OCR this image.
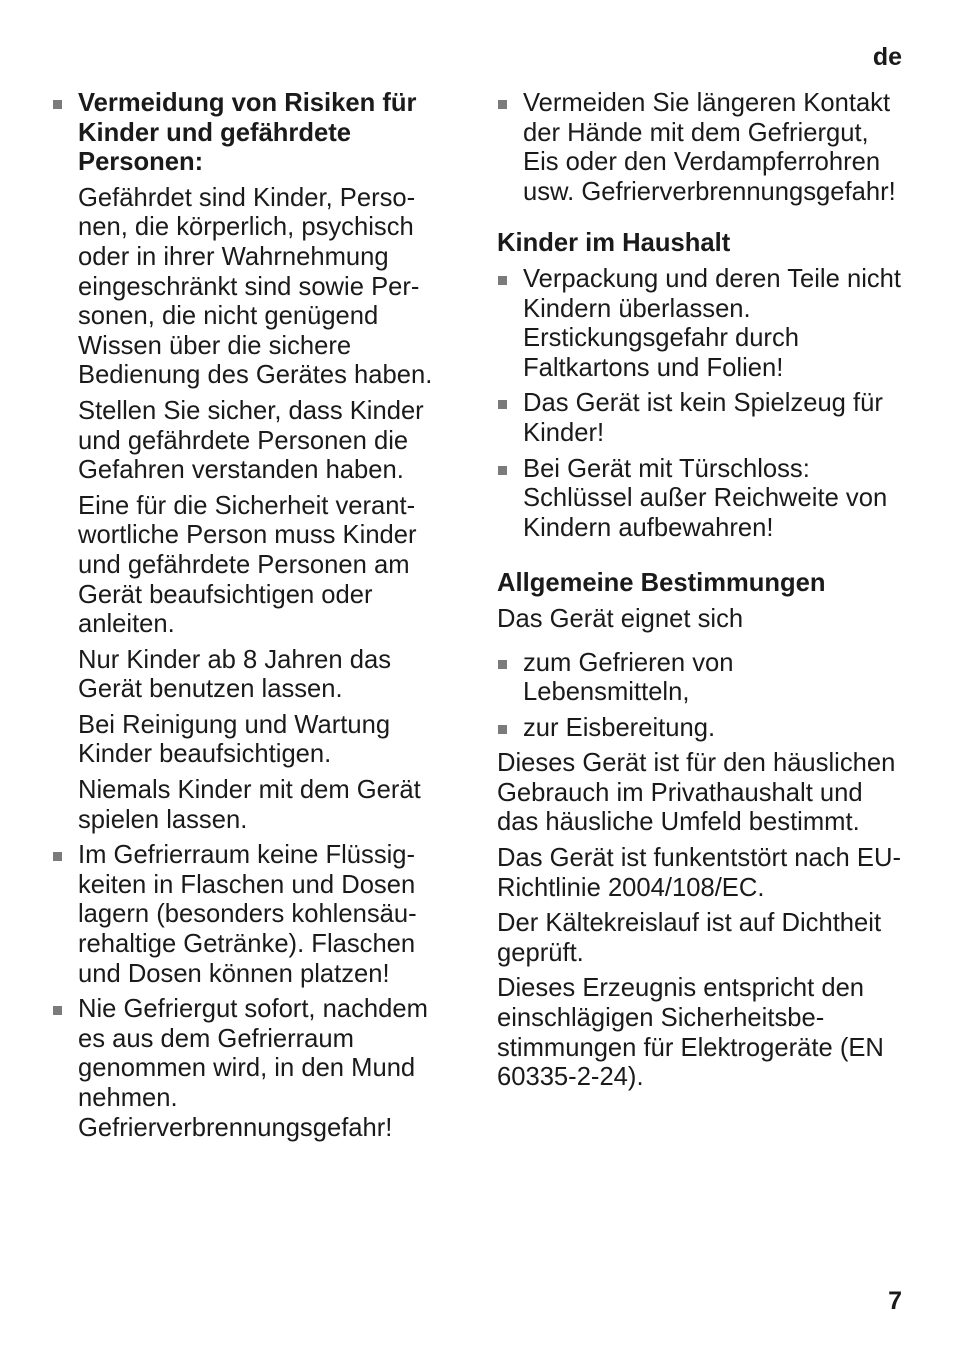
de
Vermeidung von Risiken für Kinder und gefährdete Personen:
Gefährdet sind Kinder, Perso-nen, die körperlich, psychisch oder in ihrer Wahrnehmung eingeschränkt sind sowie Per-sonen, die nicht genügend Wissen über die sichere Bedienung des Gerätes haben.
Stellen Sie sicher, dass Kinder und gefährdete Personen die Gefahren verstanden haben.
Eine für die Sicherheit verant-wortliche Person muss Kinder und gefährdete Personen am Gerät beaufsichtigen oder anleiten.
Nur Kinder ab 8 Jahren das Gerät benutzen lassen.
Bei Reinigung und Wartung Kinder beaufsichtigen.
Niemals Kinder mit dem Gerät spielen lassen.
Im Gefrierraum keine Flüssig-keiten in Flaschen und Dosen lagern (besonders kohlensäu-rehaltige Getränke). Flaschen und Dosen können platzen!
Nie Gefriergut sofort, nachdem es aus dem Gefrierraum genommen wird, in den Mund nehmen. Gefrierverbrennungsgefahr!
Vermeiden Sie längeren Kontakt der Hände mit dem Gefriergut, Eis oder den Verdampferrohren usw. Gefrierverbrennungsgefahr!
Kinder im Haushalt
Verpackung und deren Teile nicht Kindern überlassen. Erstickungsgefahr durch Faltkartons und Folien!
Das Gerät ist kein Spielzeug für Kinder!
Bei Gerät mit Türschloss: Schlüssel außer Reichweite von Kindern aufbewahren!
Allgemeine Bestimmungen
Das Gerät eignet sich
zum Gefrieren von Lebensmitteln,
zur Eisbereitung.
Dieses Gerät ist für den häuslichen Gebrauch im Privathaushalt und das häusliche Umfeld bestimmt.
Das Gerät ist funkentstört nach EU-Richtlinie 2004/108/EC.
Der Kältekreislauf ist auf Dichtheit geprüft.
Dieses Erzeugnis entspricht den einschlägigen Sicherheitsbe-stimmungen für Elektrogeräte (EN 60335-2-24).
7
